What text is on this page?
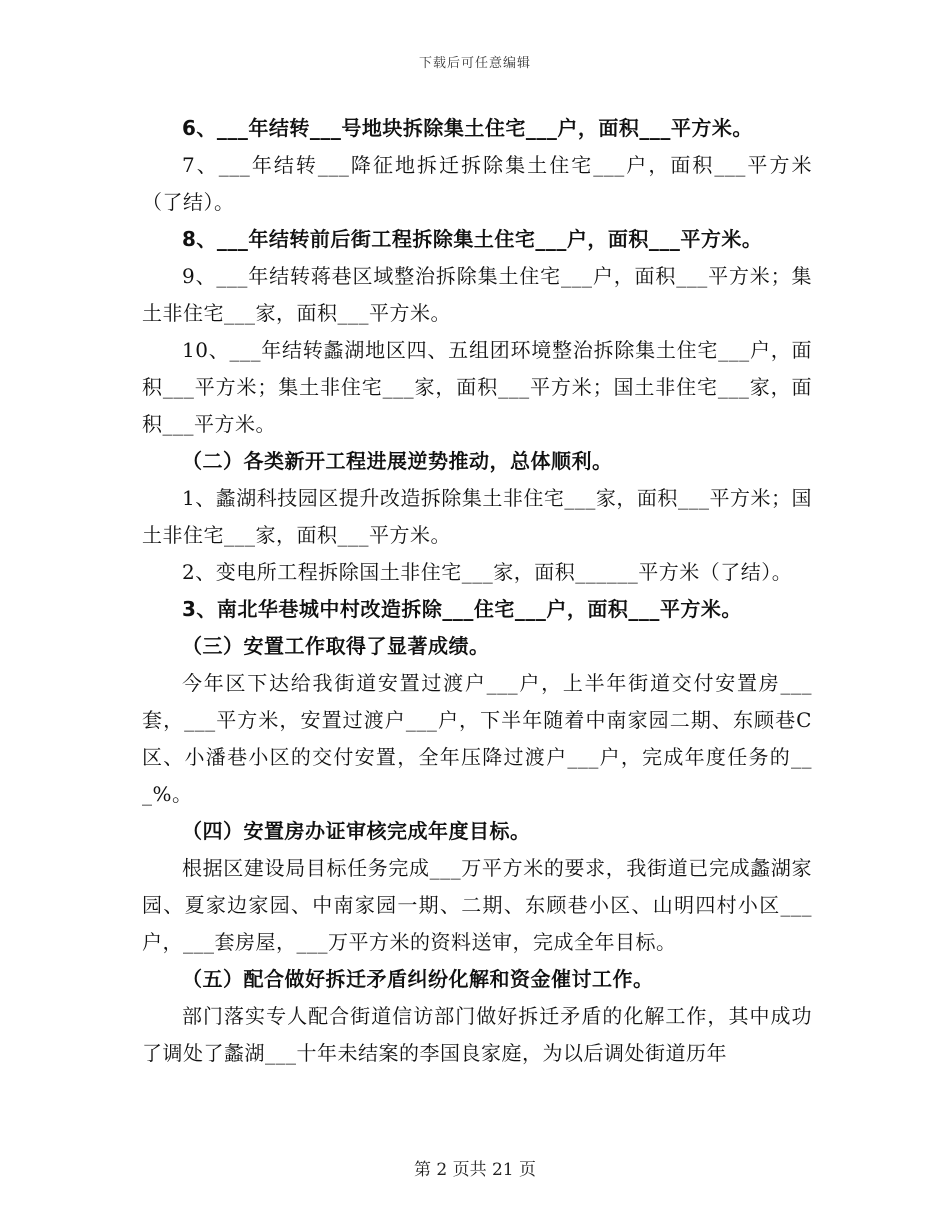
下载后可任意编辑

6、___年结转___号地块拆除集土住宅___户，面积___平方米。

7、___年结转___降征地拆迁拆除集土住宅___户，面积___平方米（了结）。

8、___年结转前后街工程拆除集土住宅___户，面积___平方米。

9、___年结转蒋巷区域整治拆除集土住宅___户，面积___平方米；集土非住宅___家，面积___平方米。

10、___年结转蠡湖地区四、五组团环境整治拆除集土住宅___户，面积___平方米；集土非住宅___家，面积___平方米；国土非住宅___家，面积___平方米。

（二）各类新开工程进展逆势推动，总体顺利。

1、蠡湖科技园区提升改造拆除集土非住宅___家，面积___平方米；国土非住宅___家，面积___平方米。

2、变电所工程拆除国土非住宅___家，面积______平方米（了结）。

3、南北华巷城中村改造拆除___住宅___户，面积___平方米。

（三）安置工作取得了显著成绩。

今年区下达给我街道安置过渡户___户，上半年街道交付安置房___套，___平方米，安置过渡户___户，下半年随着中南家园二期、东顾巷C区、小潘巷小区的交付安置，全年压降过渡户___户，完成年度任务的___%。

（四）安置房办证审核完成年度目标。

根据区建设局目标任务完成___万平方米的要求，我街道已完成蠡湖家园、夏家边家园、中南家园一期、二期、东顾巷小区、山明四村小区___户，___套房屋，___万平方米的资料送审，完成全年目标。

（五）配合做好拆迁矛盾纠纷化解和资金催讨工作。

部门落实专人配合街道信访部门做好拆迁矛盾的化解工作，其中成功了调处了蠡湖___十年未结案的李国良家庭，为以后调处街道历年

第 2 页共 21 页
